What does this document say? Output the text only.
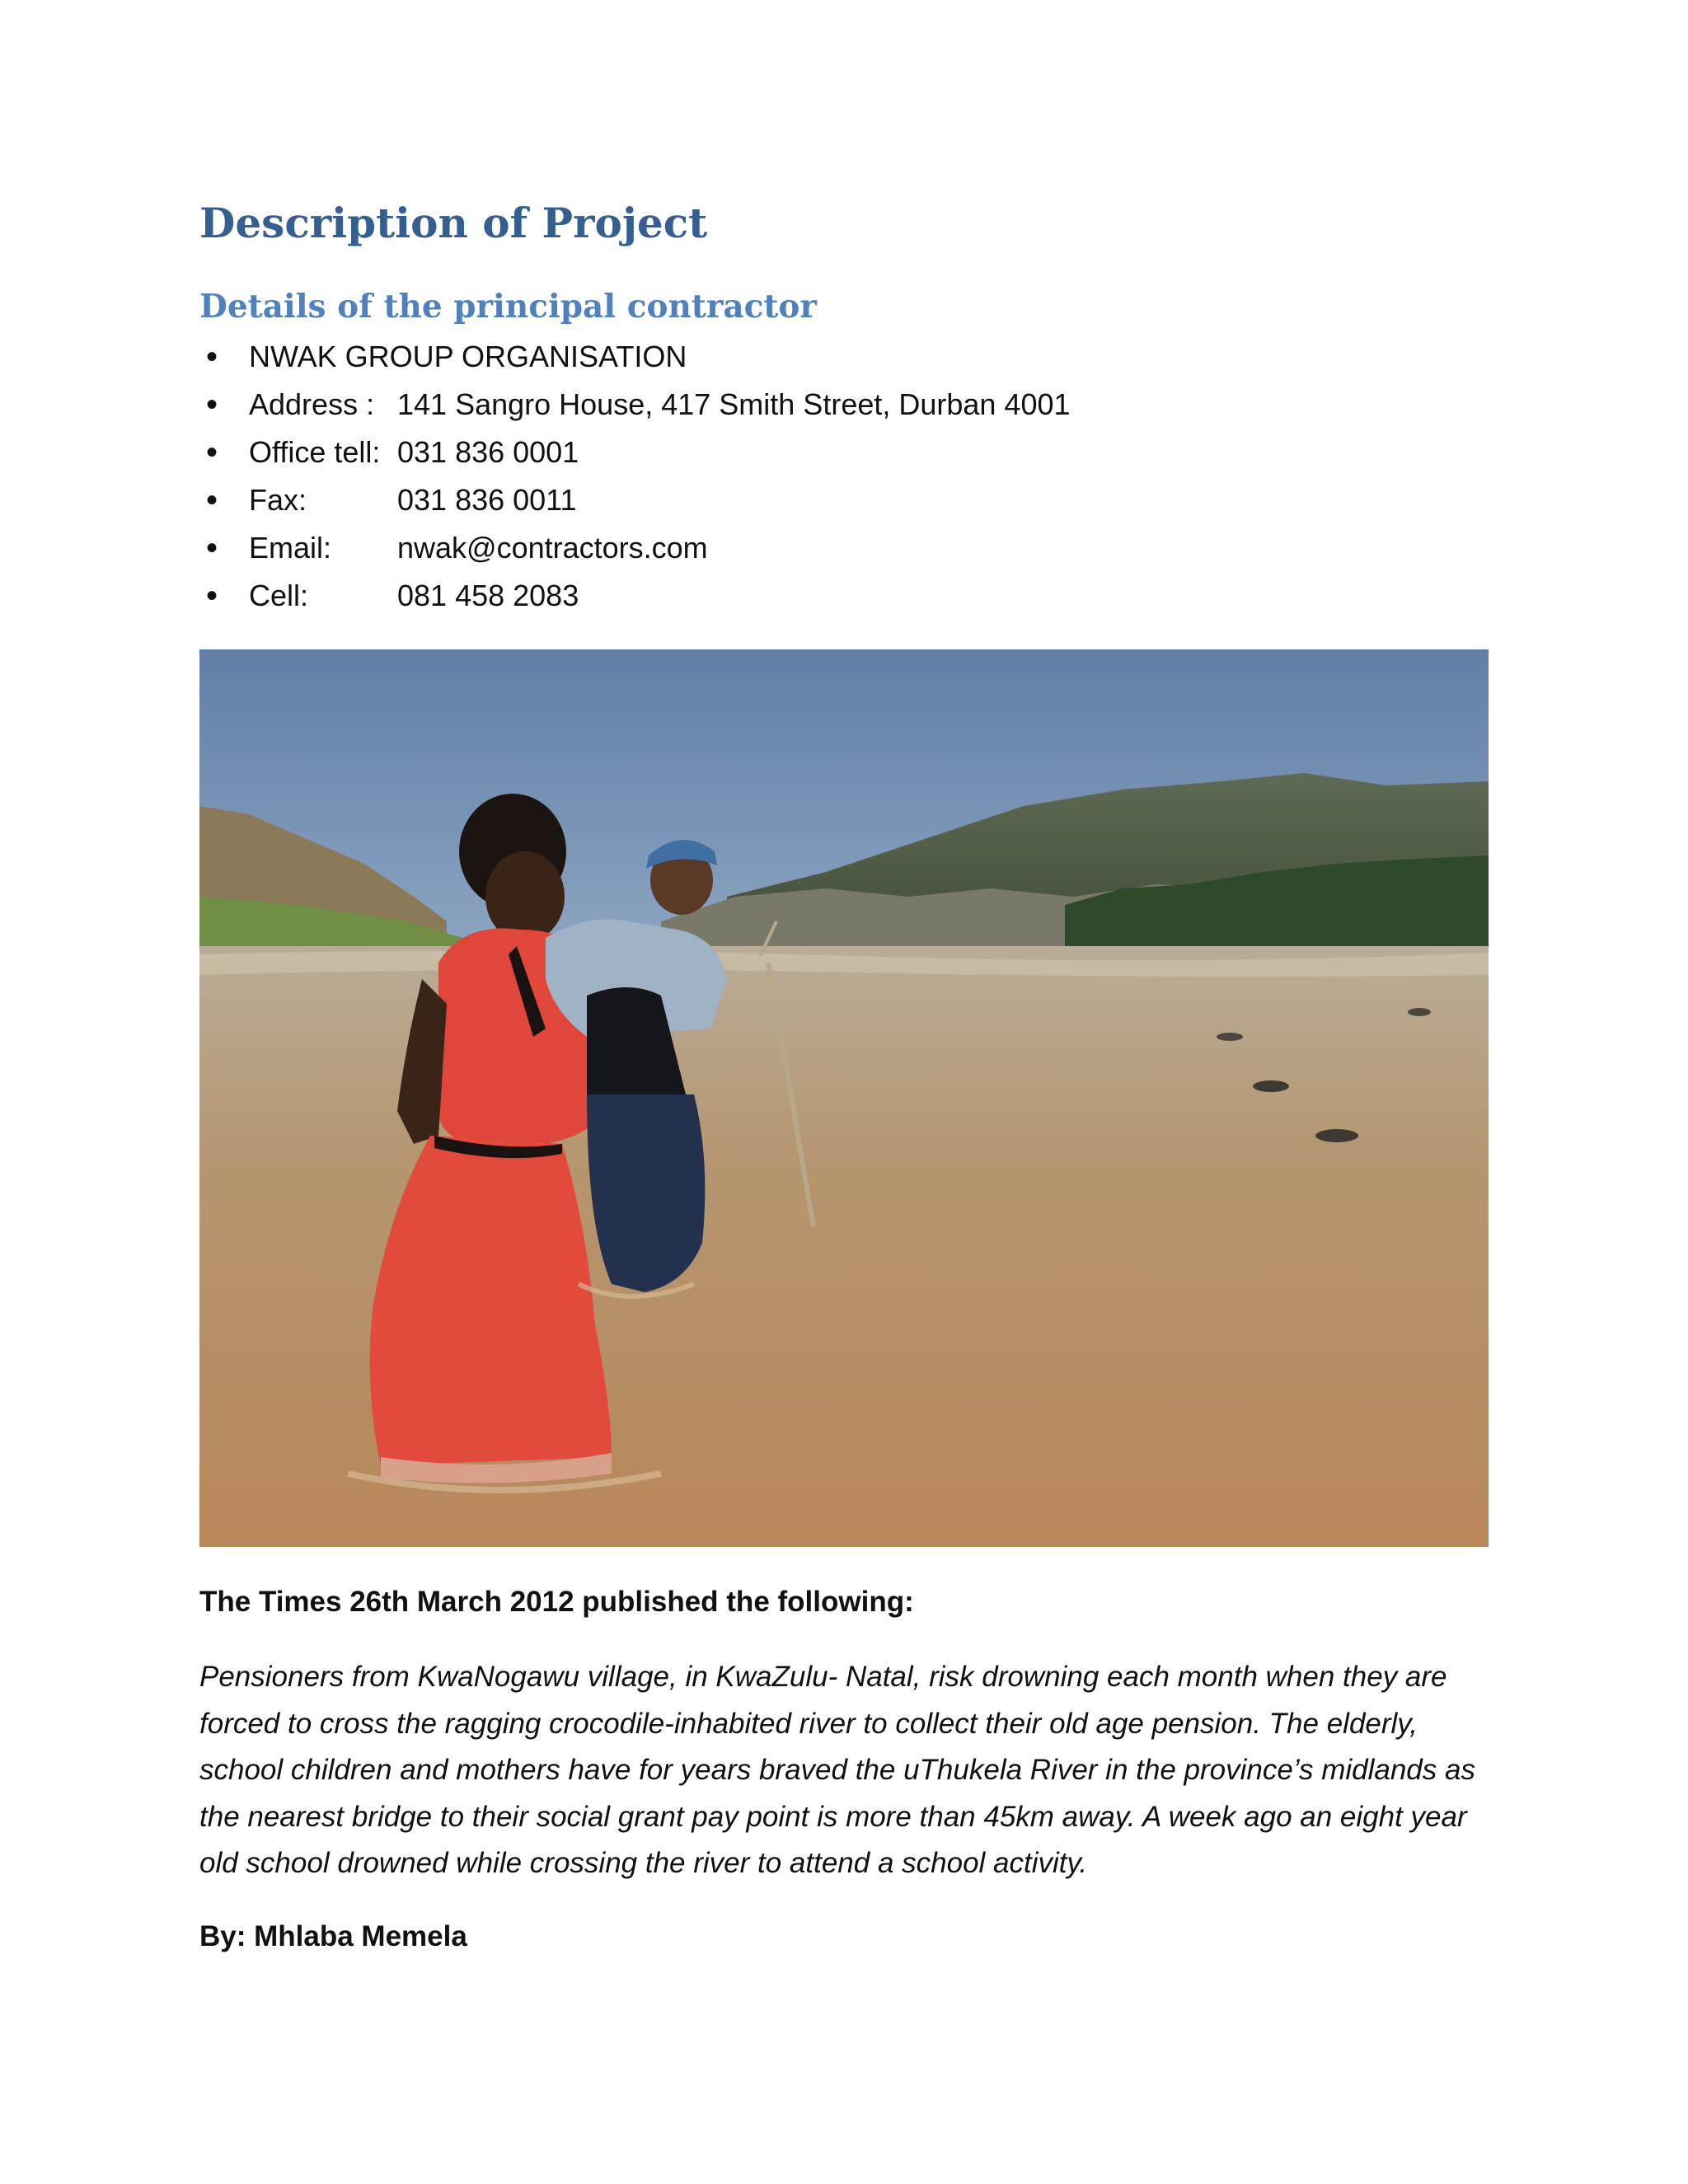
Description of Project
Details of the principal contractor
• NWAK GROUP ORGANISATION
• Address : 141 Sangro House, 417 Smith Street, Durban 4001
• Office tell: 031 836 0001
• Fax:	031 836 0011
• Email: nwak@contractors.com
• Cell:	081 458 2083

The Times 26th March 2012 published the following:

Pensioners from KwaNogawu village, in KwaZulu- Natal, risk drowning each month when they are forced to cross the ragging crocodile-inhabited river to collect their old age pension. The elderly, school children and mothers have for years braved the uThukela River in the province’s midlands as the nearest bridge to their social grant pay point is more than 45km away. A week ago an eight year old school drowned while crossing the river to attend a school activity.

By: Mhlaba Memela
